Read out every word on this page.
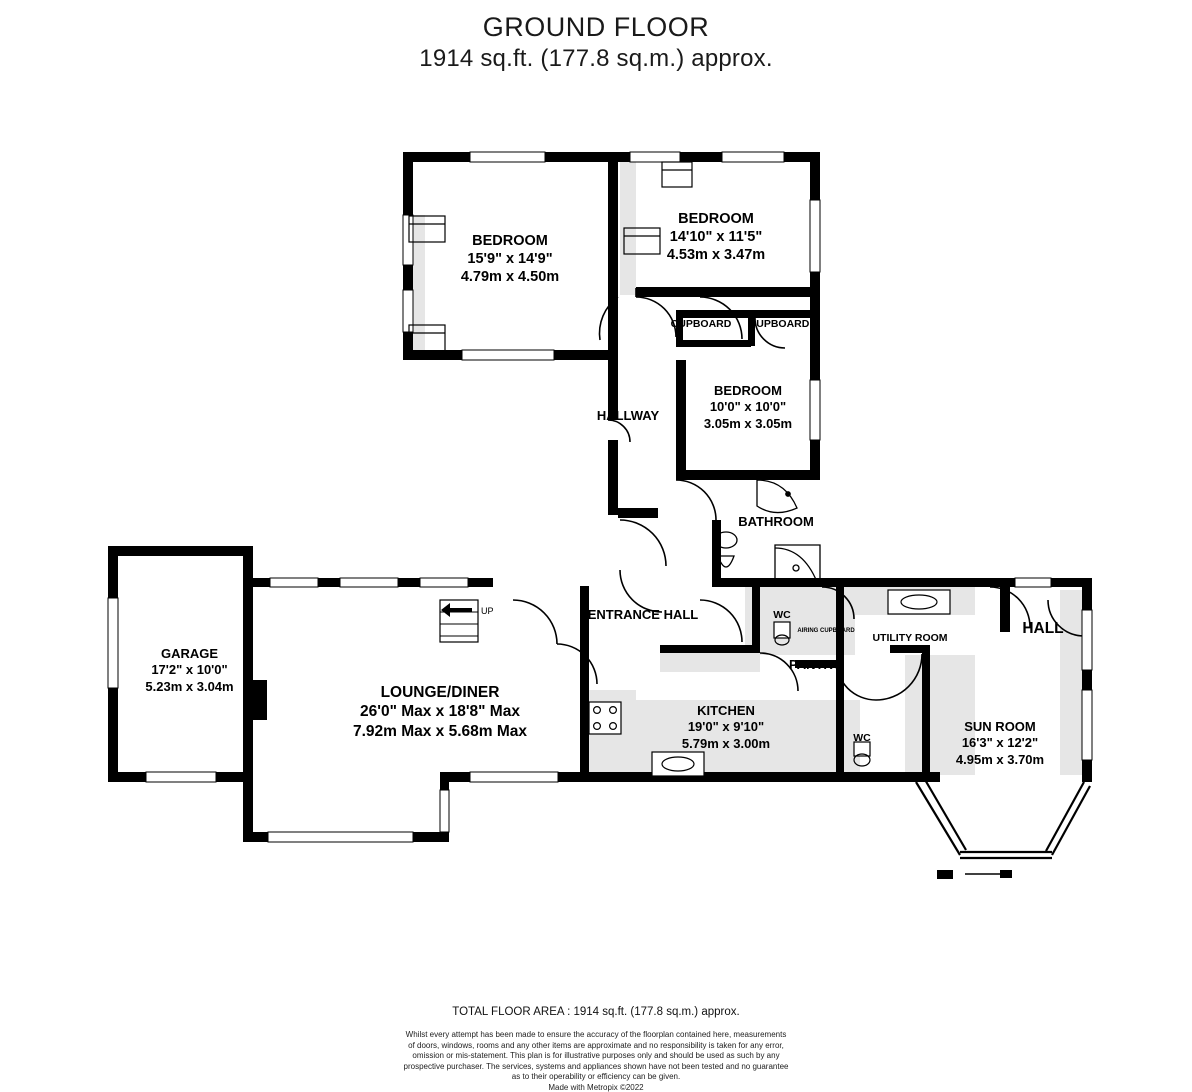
GROUND FLOOR
1914 sq.ft. (177.8 sq.m.) approx.
BEDROOM
15'9" x 14'9"
4.79m x 4.50m
BEDROOM
14'10" x 11'5"
4.53m x 3.47m
BEDROOM
10'0" x 10'0"
3.05m x 3.05m
GARAGE
17'2" x 10'0"
5.23m x 3.04m	LOUNGE/DINER
26'0" Max x 18'8" Max
7.92m Max x 5.68m Max
KITCHEN
19'0" x 9'10"
5.79m x 3.00m
SUN ROOM
16'3" x 12'2"
4.95m x 3.70m
HALLWAY
ENTRANCE HALL
BATHROOM
CUPBOARD	CUPBOARD
WC
WC
PANTRY
UTILITY ROOM
HALL
AIRING CUPBOARD
UP
TOTAL FLOOR AREA : 1914 sq.ft. (177.8 sq.m.) approx.
Whilst every attempt has been made to ensure the accuracy of the floorplan contained here, measurements
of doors, windows, rooms and any other items are approximate and no responsibility is taken for any error,
omission or mis-statement. This plan is for illustrative purposes only and should be used as such by any
prospective purchaser. The services, systems and appliances shown have not been tested and no guarantee
as to their operability or efficiency can be given.
Made with Metropix ©2022
